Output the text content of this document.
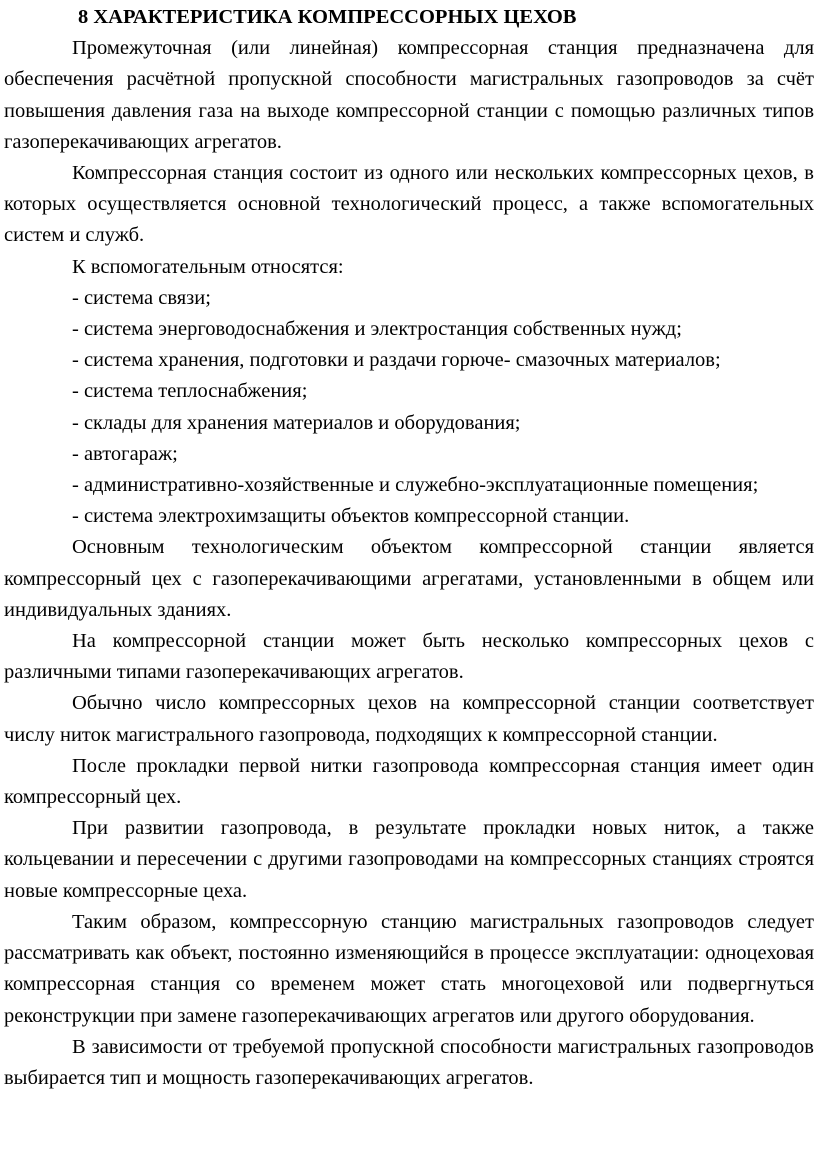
8 ХАРАКТЕРИСТИКА КОМПРЕССОРНЫХ ЦЕХОВ

Промежуточная (или линейная) компрессорная станция предназначена для обеспечения расчётной пропускной способности магистральных газопроводов за счёт повышения давления газа на выходе компрессорной станции с помощью различных типов газоперекачивающих агрегатов.

Компрессорная станция состоит из одного или нескольких компрессорных цехов, в которых осуществляется основной технологический процесс, а также вспомогательных систем и служб.

К вспомогательным относятся:

- система связи;

- система энерговодоснабжения и электростанция собственных нужд;

- система хранения, подготовки и раздачи горюче- смазочных материалов;

- система теплоснабжения;

- склады для хранения материалов и оборудования;

- автогараж;

- административно-хозяйственные и служебно-эксплуатационные помещения;

- система электрохимзащиты объектов компрессорной станции.

Основным технологическим объектом компрессорной станции является компрессорный цех с газоперекачивающими агрегатами, установленными в общем или индивидуальных зданиях.

На компрессорной станции может быть несколько компрессорных цехов с различными типами газоперекачивающих агрегатов.

Обычно число компрессорных цехов на компрессорной станции соответствует числу ниток магистрального газопровода, подходящих к компрессорной станции.

После прокладки первой нитки газопровода компрессорная станция имеет один компрессорный цех.

При развитии газопровода, в результате прокладки новых ниток, а также кольцевании и пересечении с другими газопроводами на компрессорных станциях строятся новые компрессорные цеха.

Таким образом, компрессорную станцию магистральных газопроводов следует рассматривать как объект, постоянно изменяющийся в процессе эксплуатации: одноцеховая компрессорная станция со временем может стать многоцеховой или подвергнуться реконструкции при замене газоперекачивающих агрегатов или другого оборудования.

В зависимости от требуемой пропускной способности магистральных газопроводов выбирается тип и мощность газоперекачивающих агрегатов.
